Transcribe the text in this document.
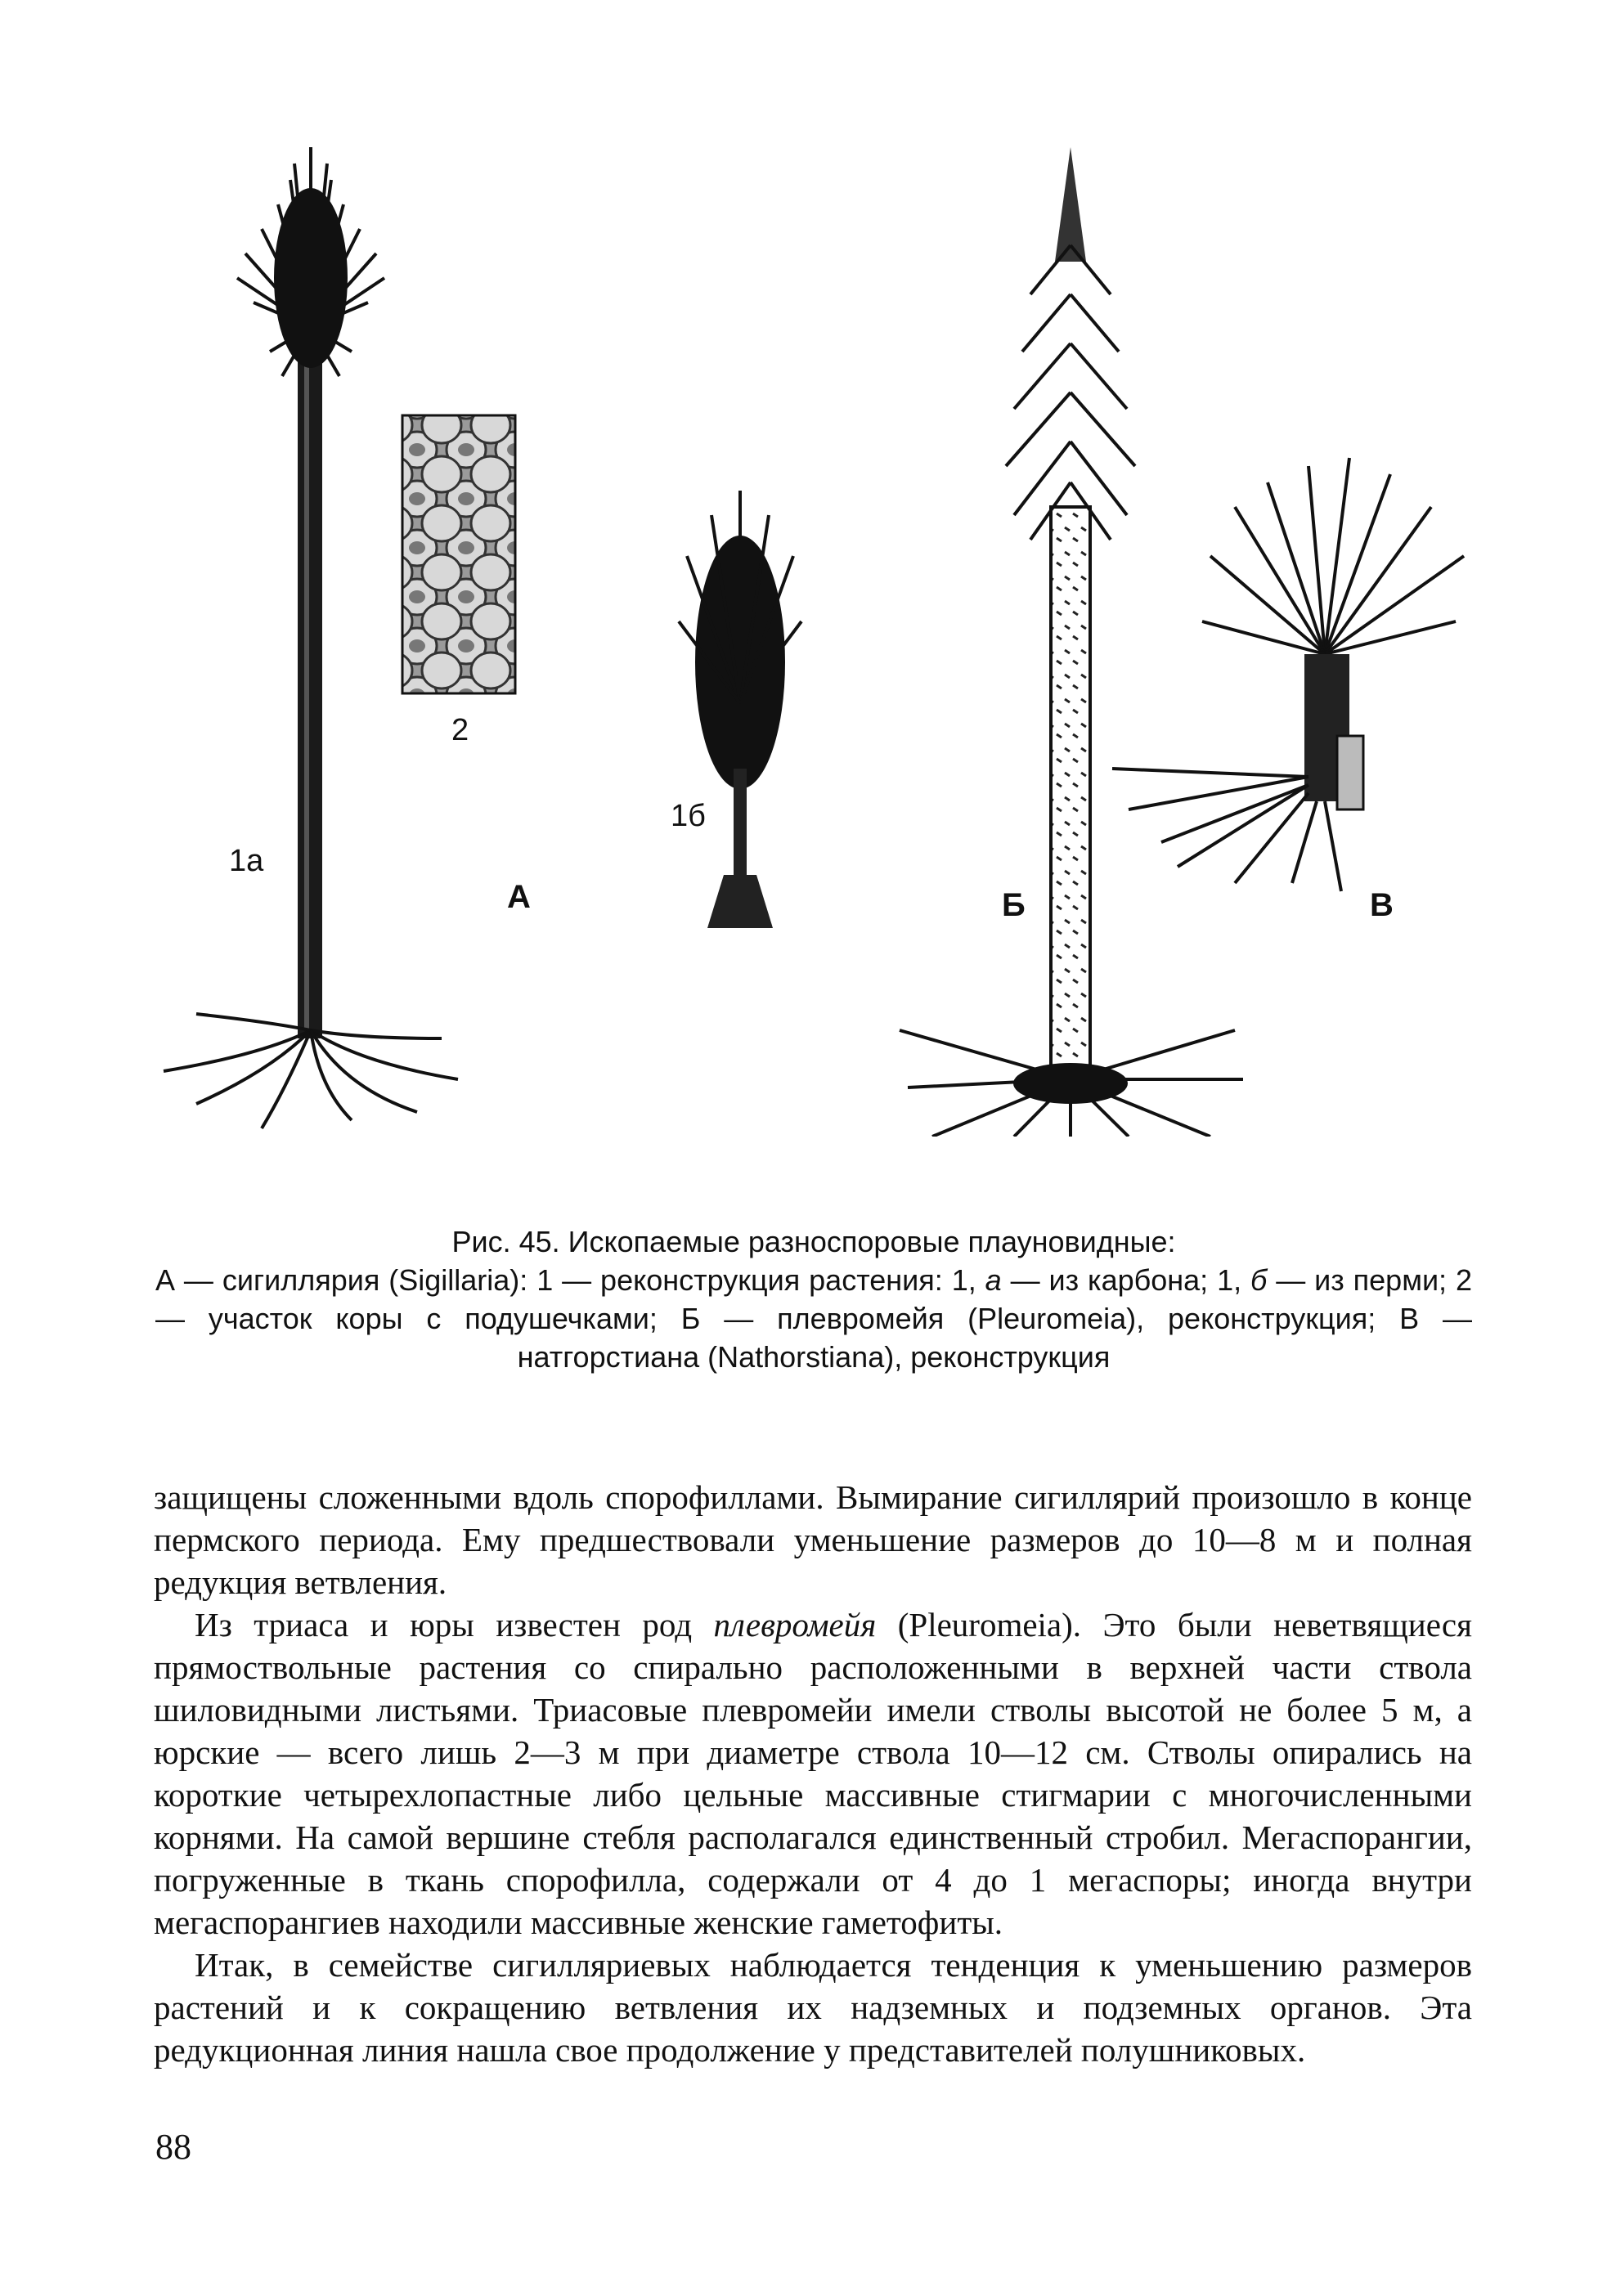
1а
2
А
1б
Б	В
Рис. 45. Ископаемые разноспоровые плауновидные:
А — сигиллярия (Sigillaria): 1 — реконструкция растения: 1, а — из карбона; 1, б — из перми; 2 — участок коры с подушечками; Б — плевромейя (Pleuromeia), реконструкция; В — натгорстиана (Nathorstiana), реконструкция

защищены сложенными вдоль спорофиллами. Вымирание сигиллярий произошло в конце пермского периода. Ему предшествовали уменьшение размеров до 10—8 м и полная редукция ветвления.

Из триаса и юры известен род плевромейя (Pleuromeia). Это были неветвящиеся прямоствольные растения со спирально расположенными в верхней части ствола шиловидными листьями. Триасовые плевромейи имели стволы высотой не более 5 м, а юрские — всего лишь 2—3 м при диаметре ствола 10—12 см. Стволы опирались на короткие четырехлопастные либо цельные массивные стигмарии с многочисленными корнями. На самой вершине стебля располагался единственный стробил. Мегаспорангии, погруженные в ткань спорофилла, содержали от 4 до 1 мегаспоры; иногда внутри мегаспорангиев находили массивные женские гаметофиты.

Итак, в семействе сигилляриевых наблюдается тенденция к уменьшению размеров растений и к сокращению ветвления их надземных и подземных органов. Эта редукционная линия нашла свое продолжение у представителей полушниковых.

88
